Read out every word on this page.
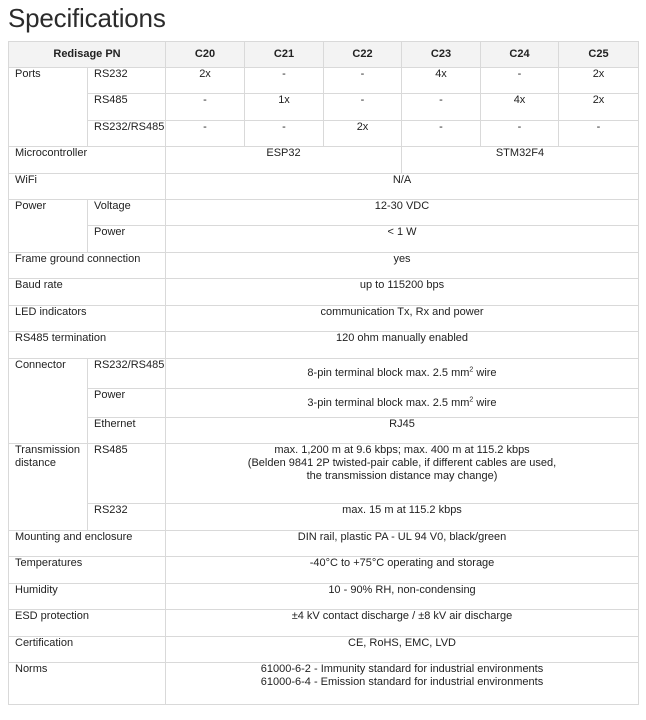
Specifications
Redisage PN		C20	C21	C22	C23	C24	C25
Ports	RS232	2x	-	-	4x	-	2x
	RS485	-	1x	-	-	4x	2x
	RS232/RS485	-	-	2x	-	-	-
Microcontroller		ESP32			STM32F4		
WiFi		N/A					
Power	Voltage	12-30 VDC					
	Power	< 1 W					
Frame ground connection		yes					
Baud rate		up to 115200 bps					
LED indicators		communication Tx, Rx and power					
RS485 termination		120 ohm manually enabled					
Connector	RS232/RS485	8-pin terminal block max. 2.5 $mm^2$ wire					
	Power	3-pin terminal block max. 2.5 $mm^2$ wire					
	Ethernet	RJ45					

Transmission
distance	RS485	max. 1,200 m at 9.6 kbps; max. 400 m at 115.2 kbps
(Belden 9841 2P twisted-pair cable, if different cables are used,
the transmission distance may change)					

	RS232	max. 15 m at 115.2 kbps					
Mounting and enclosure		DIN rail, plastic PA - UL 94 V0, black/green					
Temperatures		-40°C to +75°C operating and storage					
Humidity		10 - 90% RH, non-condensing					
ESD protection		±4 kV contact discharge / ±8 kV air discharge					
Certification		CE, RoHS, EMC, LVD					
Norms		61000-6-2 - Immunity standard for industrial environments
61000-6-4 - Emission standard for industrial environments					
